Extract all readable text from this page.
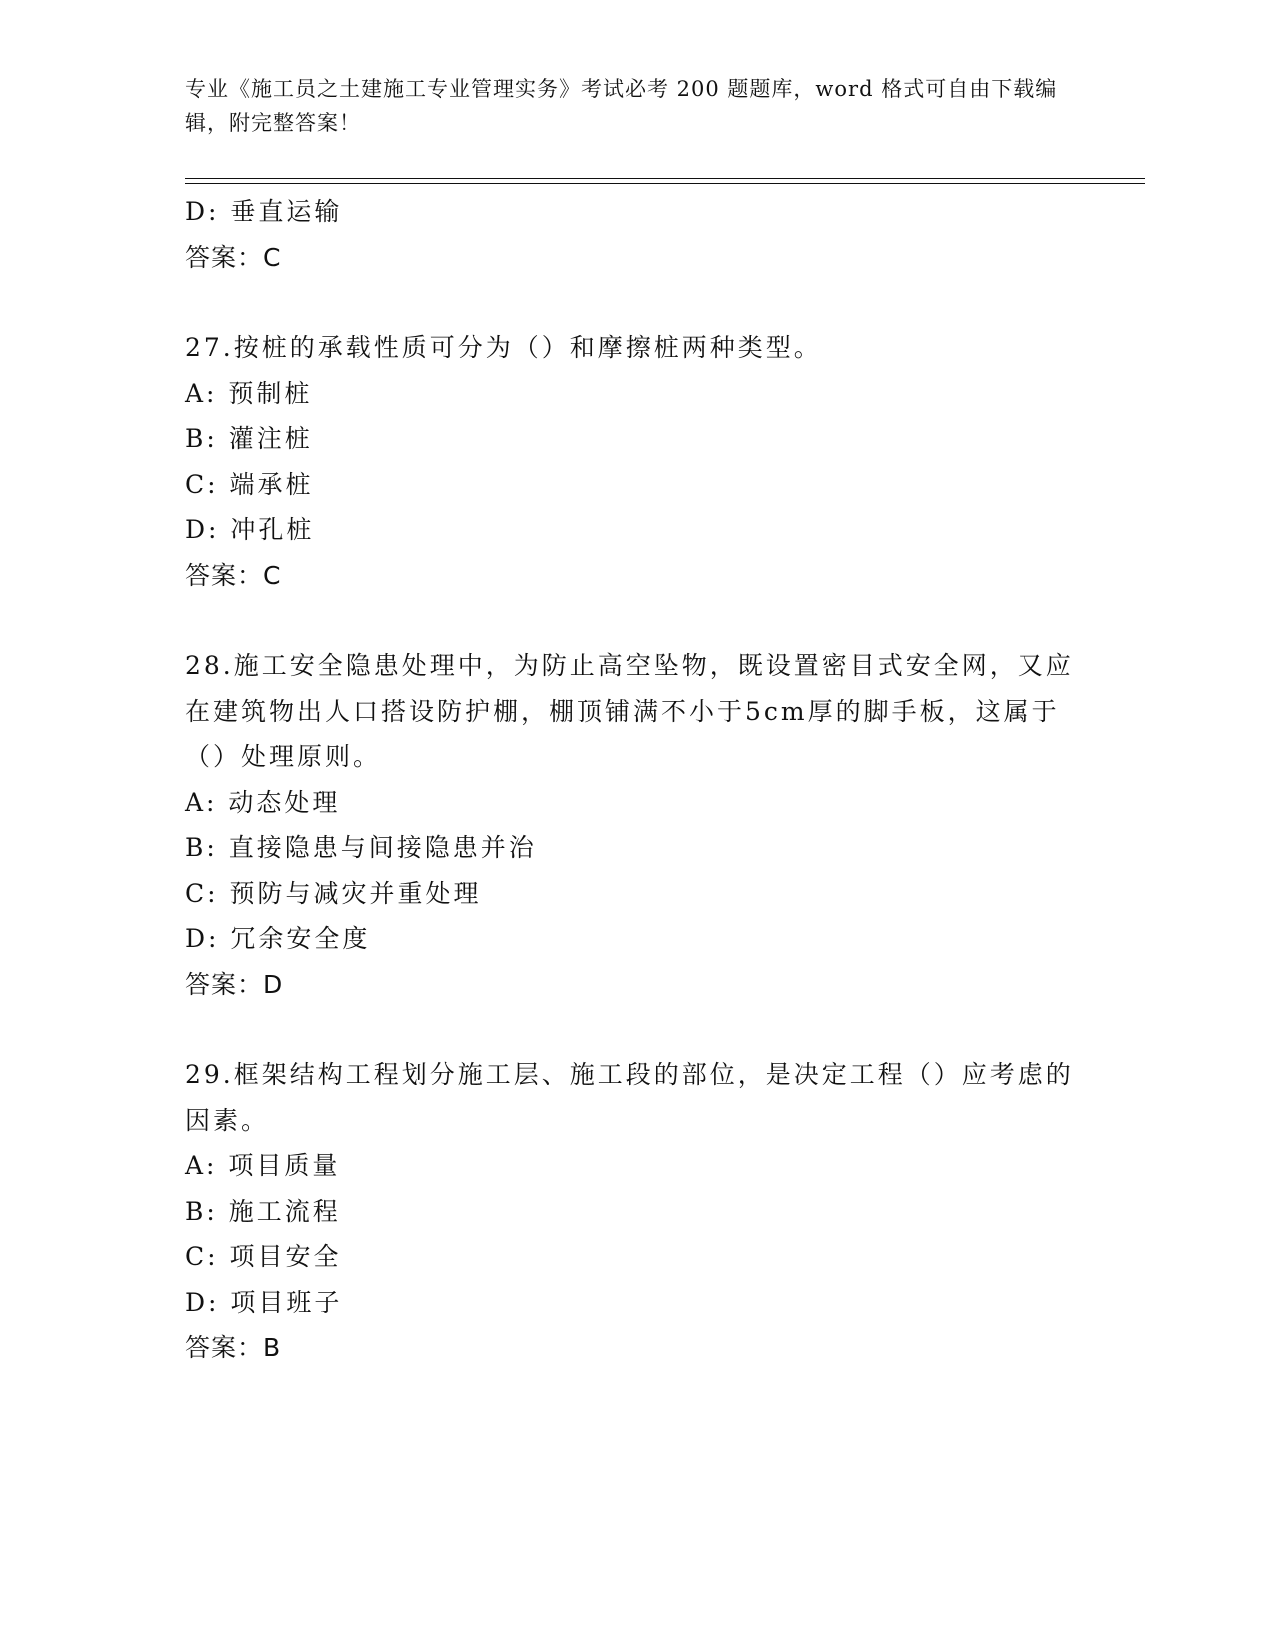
专业《施工员之土建施工专业管理实务》考试必考 200 题题库，word 格式可自由下载编辑，附完整答案！
D: 垂直运输
答案：C
27.按桩的承载性质可分为（）和摩擦桩两种类型。
A: 预制桩
B: 灌注桩
C: 端承桩
D: 冲孔桩
答案：C
28.施工安全隐患处理中，为防止高空坠物，既设置密目式安全网，又应在建筑物出人口搭设防护棚，棚顶铺满不小于5cm厚的脚手板，这属于（）处理原则。
A: 动态处理
B: 直接隐患与间接隐患并治
C: 预防与减灾并重处理
D: 冗余安全度
答案：D
29.框架结构工程划分施工层、施工段的部位，是决定工程（）应考虑的因素。
A: 项目质量
B: 施工流程
C: 项目安全
D: 项目班子
答案：B
